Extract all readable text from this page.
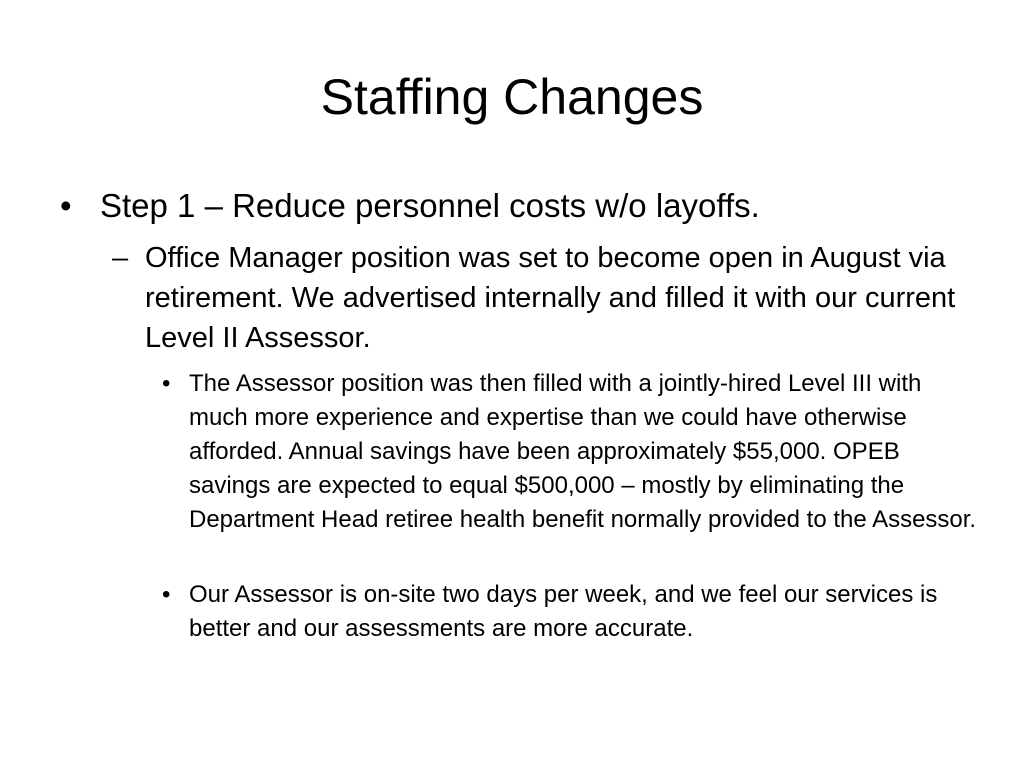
Staffing Changes
• Step 1 – Reduce personnel costs w/o layoffs.
– Office Manager position was set to become open in August via retirement. We advertised internally and filled it with our current Level II Assessor.
• The Assessor position was then filled with a jointly-hired Level III with much more experience and expertise than we could have otherwise afforded. Annual savings have been approximately $55,000. OPEB savings are expected to equal $500,000 – mostly by eliminating the Department Head retiree health benefit normally provided to the Assessor.
• Our Assessor is on-site two days per week, and we feel our services is better and our assessments are more accurate.
